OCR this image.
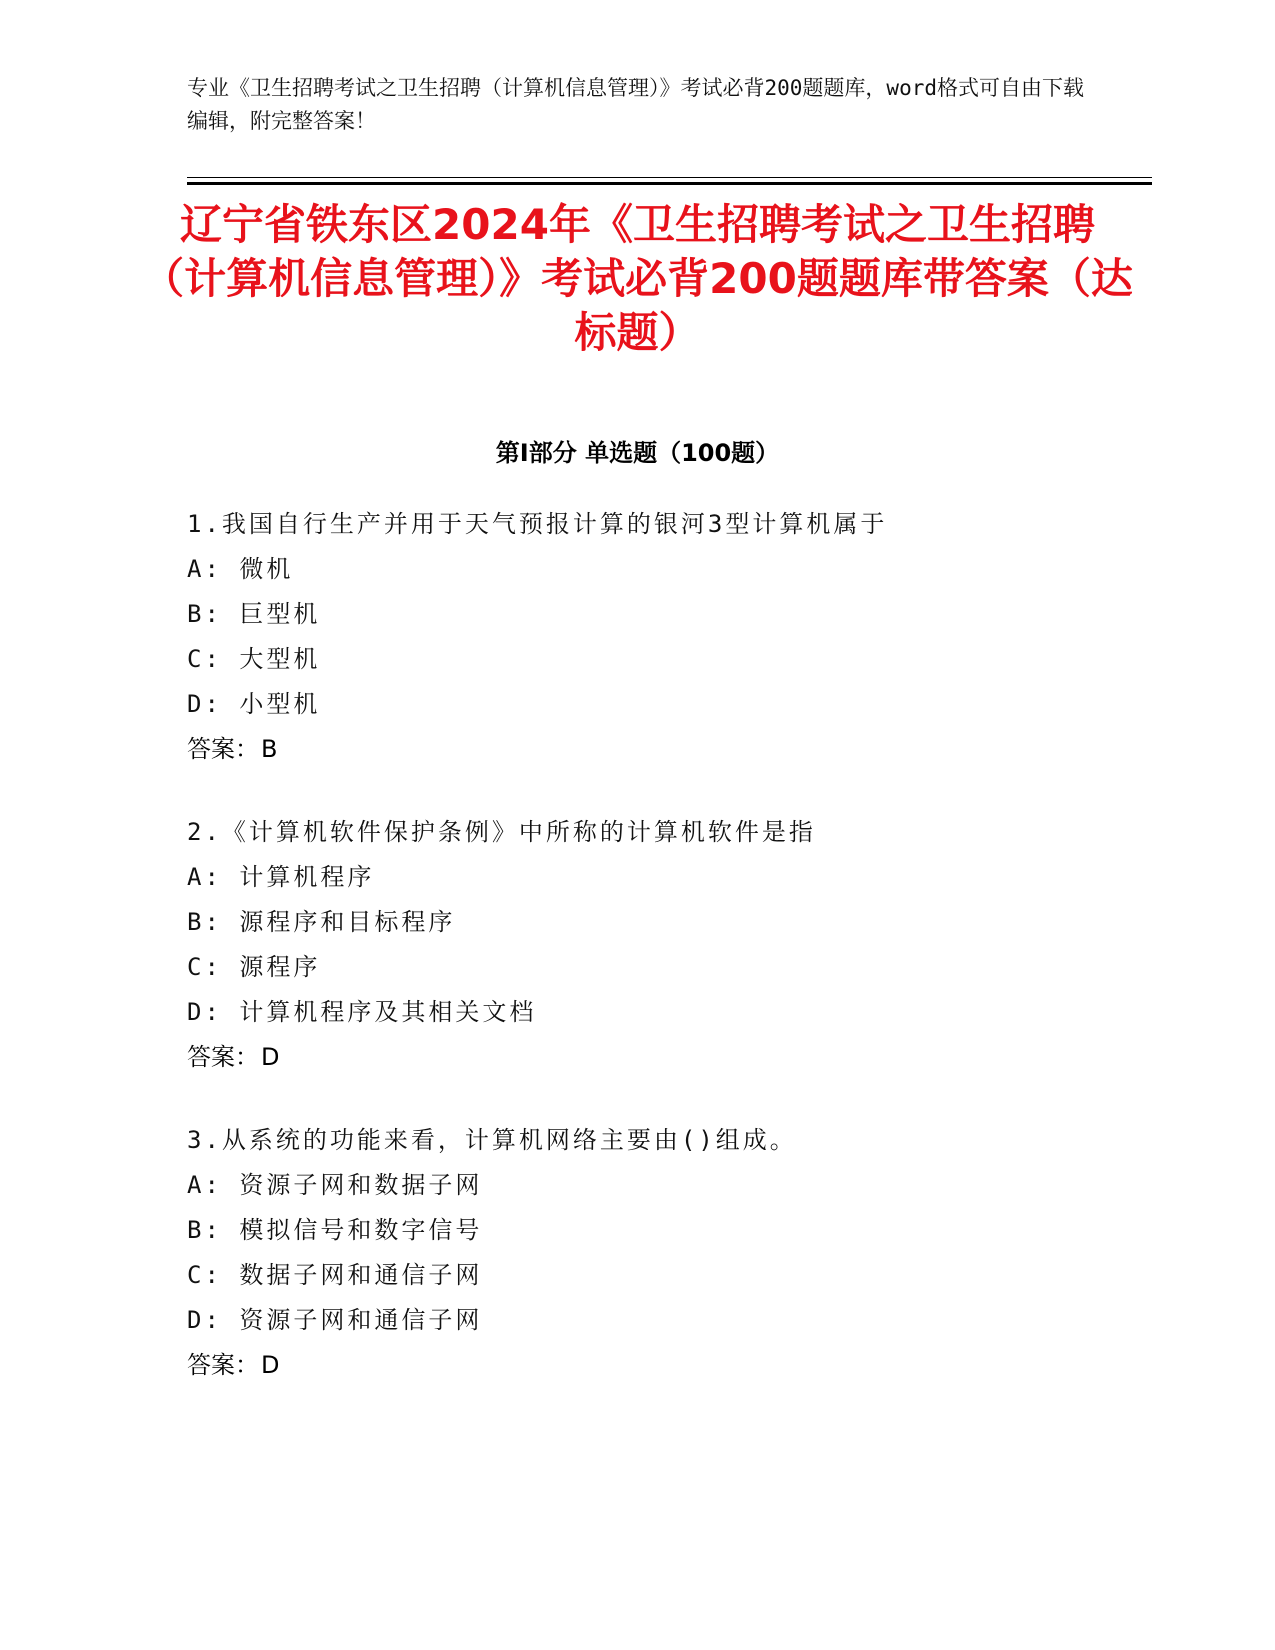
专业《卫生招聘考试之卫生招聘（计算机信息管理）》考试必背200题题库，word格式可自由下载编辑，附完整答案！
辽宁省铁东区2024年《卫生招聘考试之卫生招聘（计算机信息管理）》考试必背200题题库带答案（达标题）
第Ⅰ部分 单选题（100题）
1.我国自行生产并用于天气预报计算的银河3型计算机属于
A: 微机
B: 巨型机
C: 大型机
D: 小型机
答案：B
2.《计算机软件保护条例》中所称的计算机软件是指
A: 计算机程序
B: 源程序和目标程序
C: 源程序
D: 计算机程序及其相关文档
答案：D
3.从系统的功能来看，计算机网络主要由()组成。
A: 资源子网和数据子网
B: 模拟信号和数字信号
C: 数据子网和通信子网
D: 资源子网和通信子网
答案：D
